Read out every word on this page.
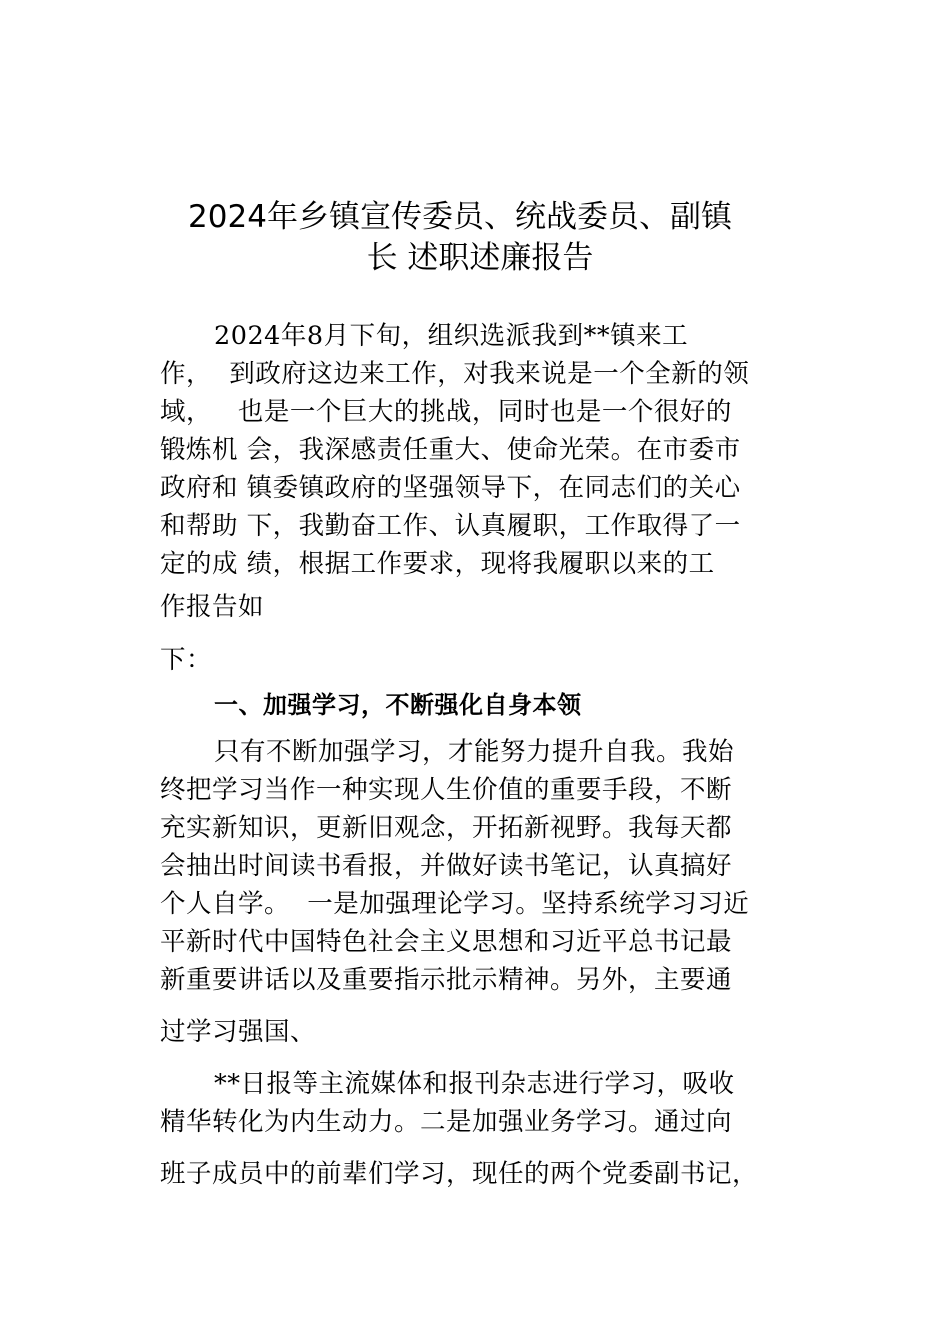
2024年乡镇宣传委员、统战委员、副镇
长 述职述廉报告
2024年8月下旬，组织选派我到**镇来工
作，  到政府这边来工作，对我来说是一个全新的领
域，   也是一个巨大的挑战，同时也是一个很好的
锻炼机 会，我深感责任重大、使命光荣。在市委市
政府和 镇委镇政府的坚强领导下，在同志们的关心
和帮助 下，我勤奋工作、认真履职，工作取得了一
定的成 绩，根据工作要求，现将我履职以来的工
作报告如
下：
一、加强学习，不断强化自身本领
只有不断加强学习，才能努力提升自我。我始
终把学习当作一种实现人生价值的重要手段，不断
充实新知识，更新旧观念，开拓新视野。我每天都
会抽出时间读书看报，并做好读书笔记，认真搞好
个人自学。  一是加强理论学习。坚持系统学习习近
平新时代中国特色社会主义思想和习近平总书记最
新重要讲话以及重要指示批示精神。另外，主要通
过学习强国、
**日报等主流媒体和报刊杂志进行学习，吸收
精华转化为内生动力。二是加强业务学习。通过向
班子成员中的前辈们学习，现任的两个党委副书记，
